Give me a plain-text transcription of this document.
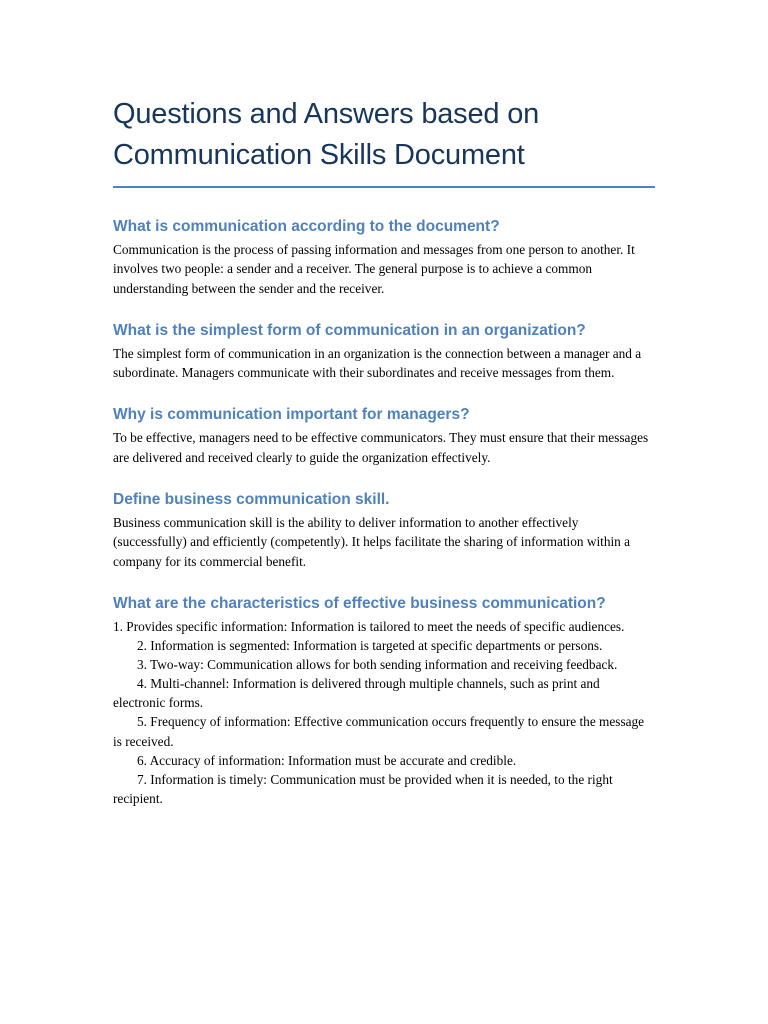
Questions and Answers based on Communication Skills Document
What is communication according to the document?

Communication is the process of passing information and messages from one person to another. It involves two people: a sender and a receiver. The general purpose is to achieve a common understanding between the sender and the receiver.

What is the simplest form of communication in an organization?

The simplest form of communication in an organization is the connection between a manager and a subordinate. Managers communicate with their subordinates and receive messages from them.

Why is communication important for managers?

To be effective, managers need to be effective communicators. They must ensure that their messages are delivered and received clearly to guide the organization effectively.

Define business communication skill.

Business communication skill is the ability to deliver information to another effectively (successfully) and efficiently (competently). It helps facilitate the sharing of information within a company for its commercial benefit.

What are the characteristics of effective business communication?

1. Provides specific information: Information is tailored to meet the needs of specific audiences.

2. Information is segmented: Information is targeted at specific departments or persons.

3. Two-way: Communication allows for both sending information and receiving feedback.

4. Multi-channel: Information is delivered through multiple channels, such as print and electronic forms.

5. Frequency of information: Effective communication occurs frequently to ensure the message is received.

6. Accuracy of information: Information must be accurate and credible.

7. Information is timely: Communication must be provided when it is needed, to the right recipient.
